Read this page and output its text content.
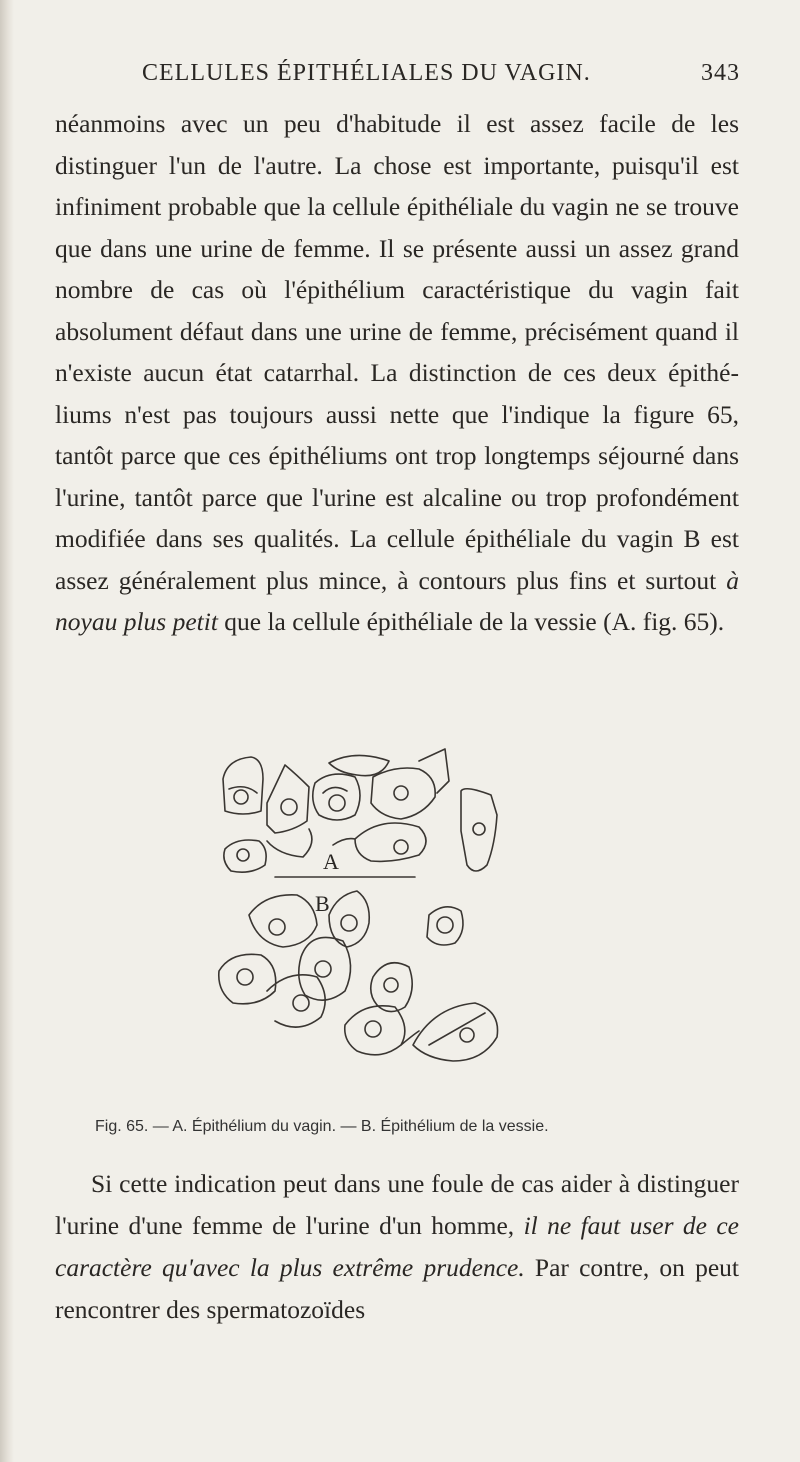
CELLULES ÉPITHÉLIALES DU VAGIN.	343

néanmoins avec un peu d'habitude il est assez facile de les distinguer l'un de l'autre. La chose est importante, puisqu'il est infiniment probable que la cellule épithéliale du vagin ne se trouve que dans une urine de femme. Il se présente aussi un assez grand nombre de cas où l'épithélium caractéristique du vagin fait absolument défaut dans une urine de femme, précisément quand il n'existe aucun état catarrhal. La distinction de ces deux épithéliums n'est pas toujours aussi nette que l'indique la figure 65, tantôt parce que ces épithéliums ont trop longtemps séjourné dans l'urine, tantôt parce que l'urine est alcaline ou trop profondément modifiée dans ses qualités. La cellule épithéliale du vagin B est assez généralement plus mince, à contours plus fins et surtout à noyau plus petit que la cellule épithéliale de la vessie (A. fig. 65).

A
B
Fig. 65. — A. Épithélium du vagin. — B. Épithélium de la vessie.

Si cette indication peut dans une foule de cas aider à distinguer l'urine d'une femme de l'urine d'un homme, il ne faut user de ce caractère qu'avec la plus extrême prudence. Par contre, on peut rencontrer des spermatozoïdes
